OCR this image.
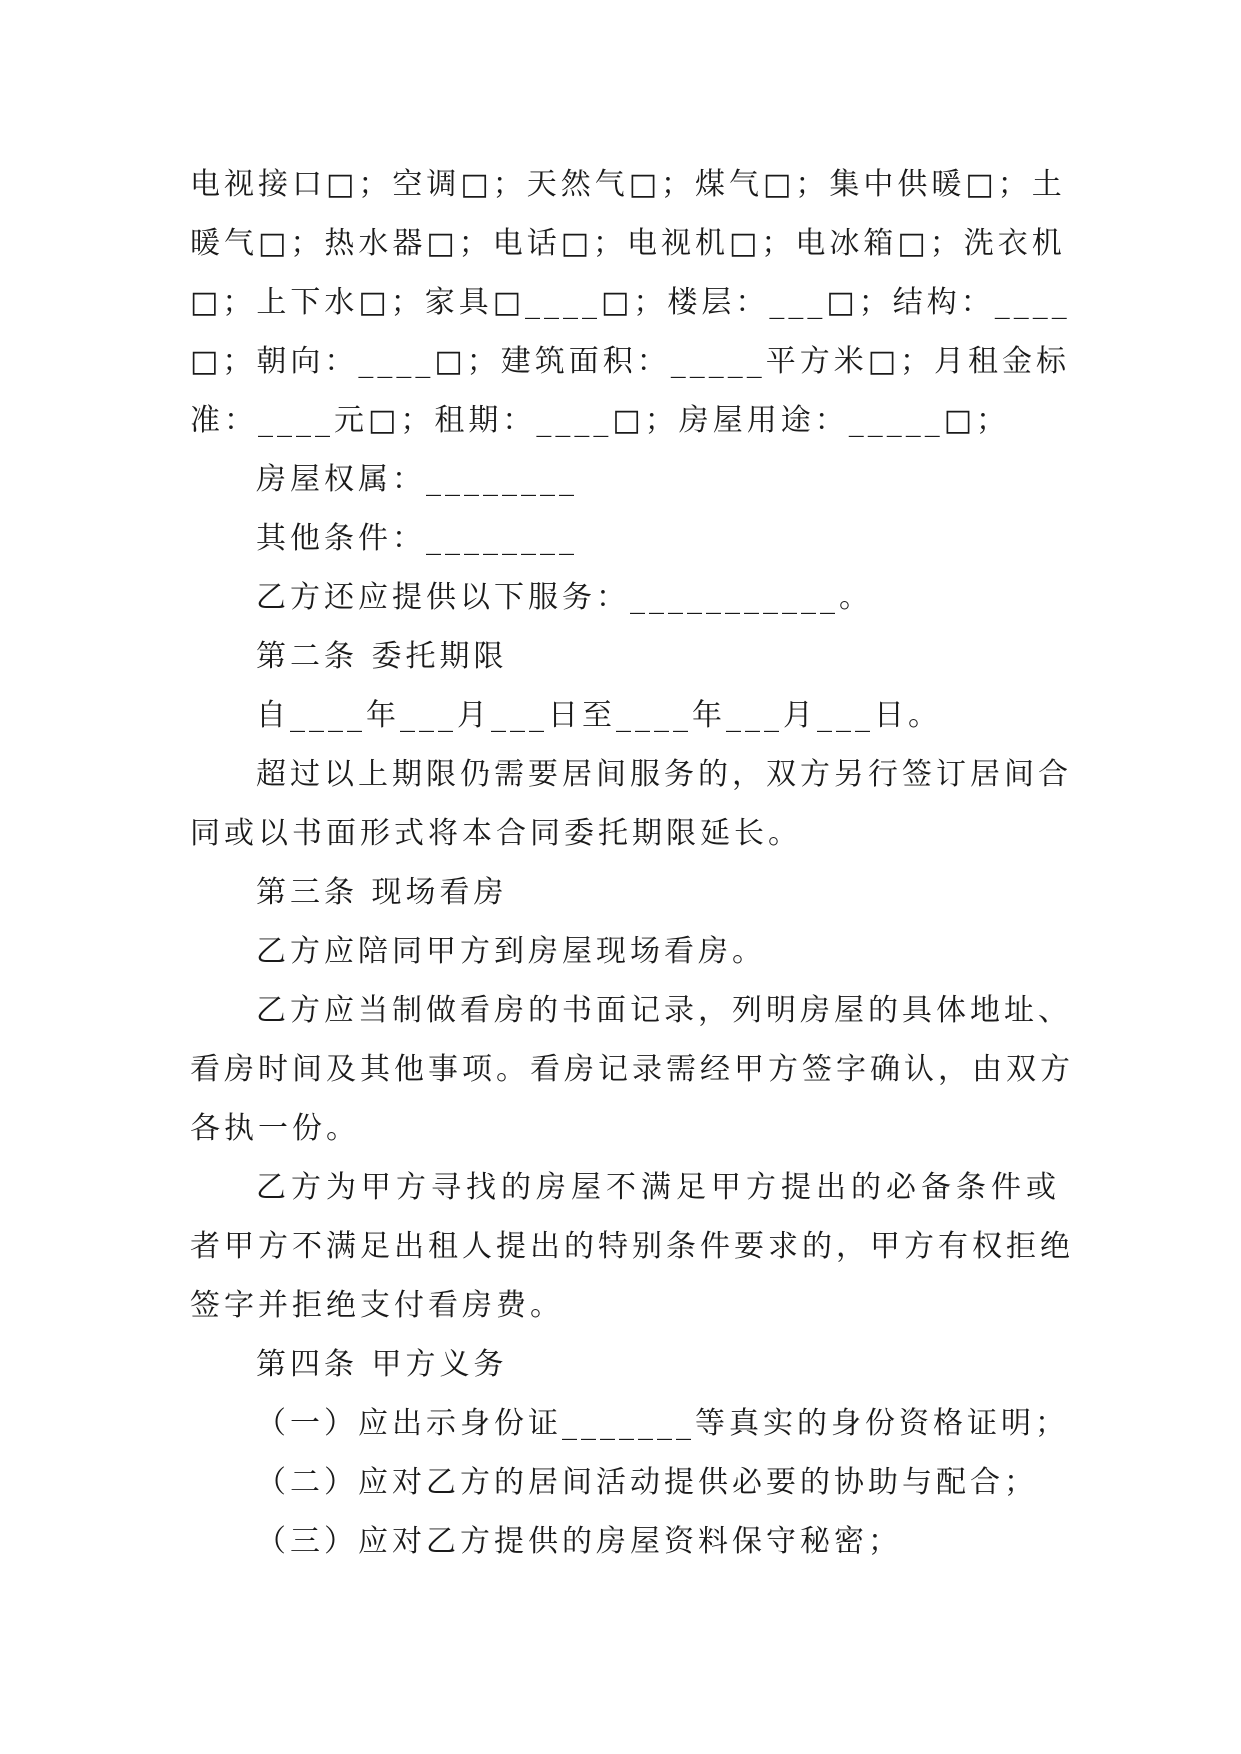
电视接口□；空调□；天然气□；煤气□；集中供暖□；土
暖气□；热水器□；电话□；电视机□；电冰箱□；洗衣机
□；上下水□；家具□____□；楼层：___□；结构：____
□；朝向：____□；建筑面积：_____平方米□；月租金标
准：____元□；租期：____□；房屋用途：_____□；
房屋权属：________
其他条件：________
乙方还应提供以下服务：___________。
第二条 委托期限
自____年___月___日至____年___月___日。
超过以上期限仍需要居间服务的，双方另行签订居间合
同或以书面形式将本合同委托期限延长。
第三条 现场看房
乙方应陪同甲方到房屋现场看房。
乙方应当制做看房的书面记录，列明房屋的具体地址、
看房时间及其他事项。看房记录需经甲方签字确认，由双方
各执一份。
乙方为甲方寻找的房屋不满足甲方提出的必备条件或
者甲方不满足出租人提出的特别条件要求的，甲方有权拒绝
签字并拒绝支付看房费。
第四条 甲方义务
（一）应出示身份证_______等真实的身份资格证明；
（二）应对乙方的居间活动提供必要的协助与配合；
（三）应对乙方提供的房屋资料保守秘密；
